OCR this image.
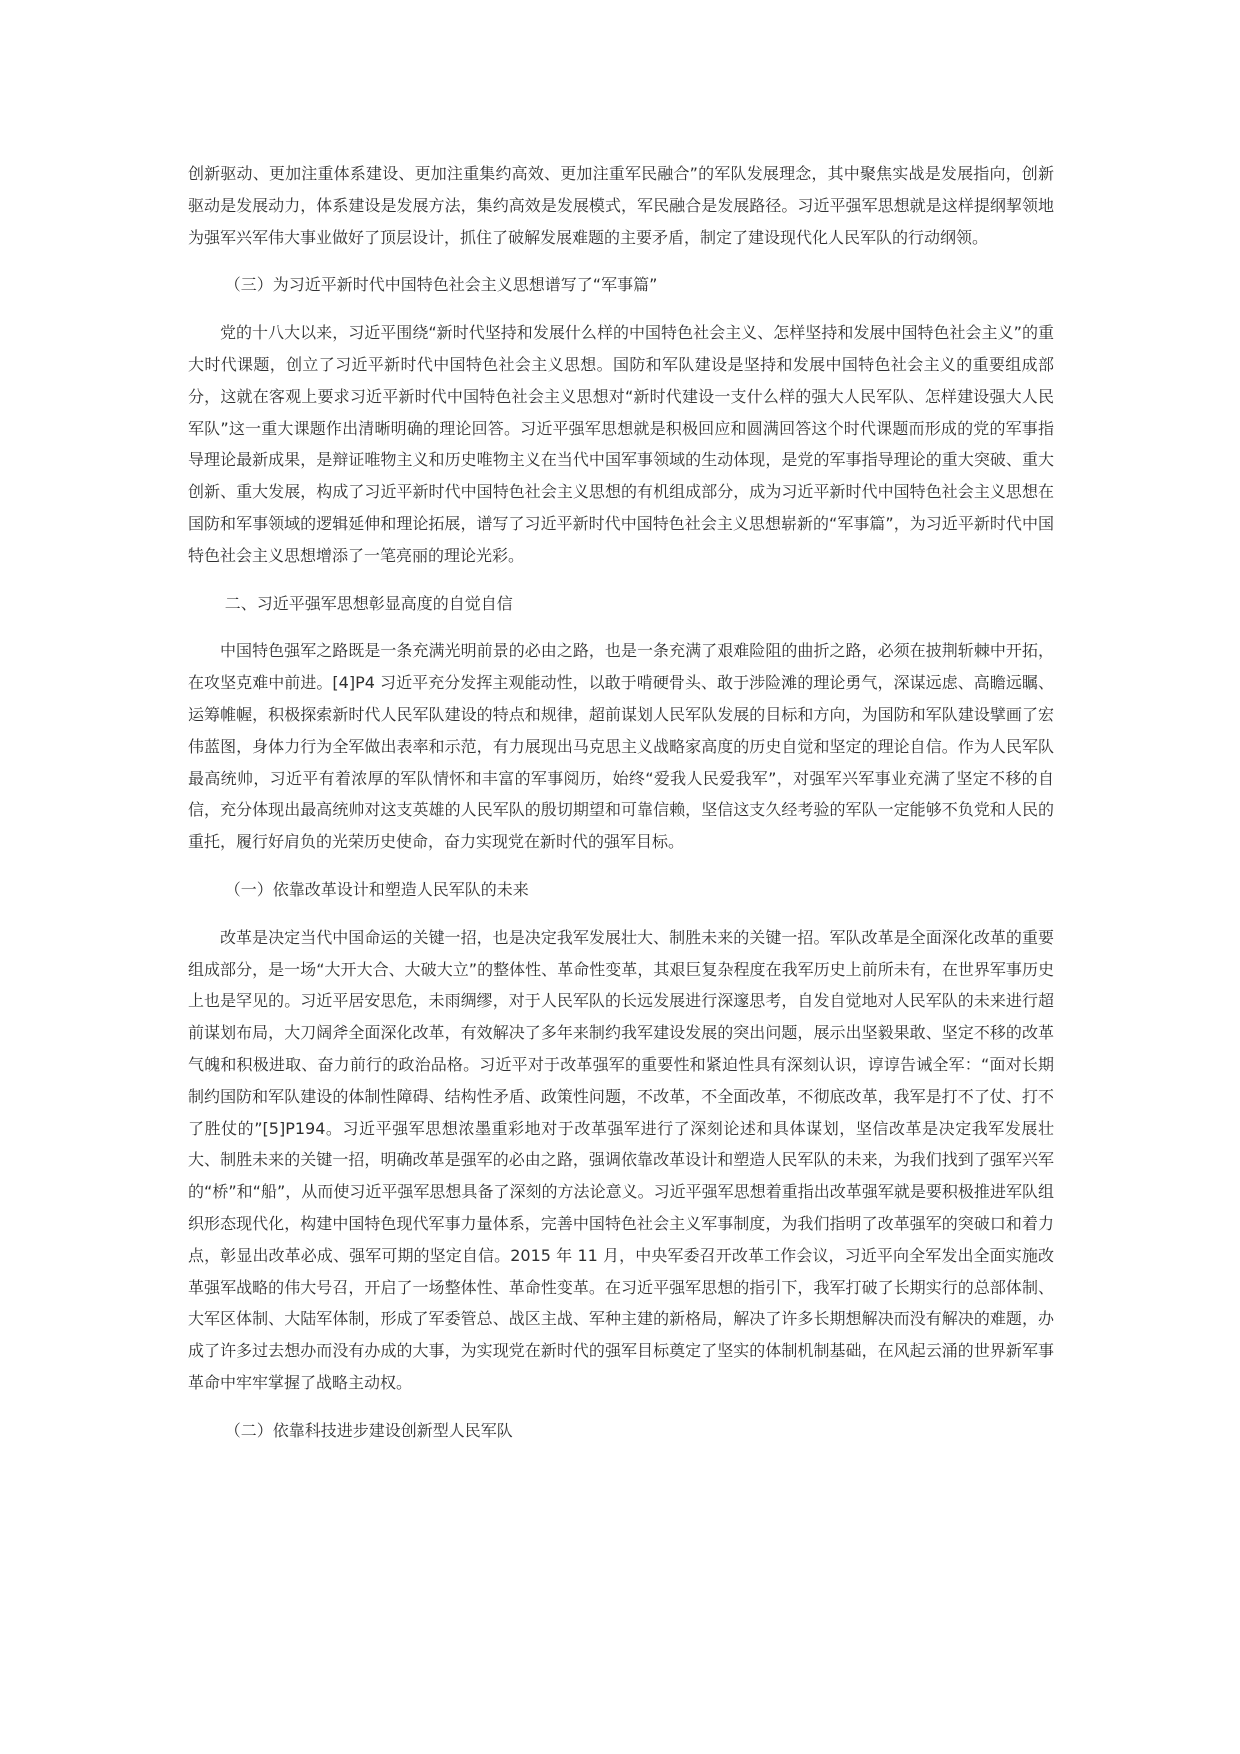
创新驱动、更加注重体系建设、更加注重集约高效、更加注重军民融合”的军队发展理念，其中聚焦实战是发展指向，创新驱动是发展动力，体系建设是发展方法，集约高效是发展模式，军民融合是发展路径。习近平强军思想就是这样提纲挈领地为强军兴军伟大事业做好了顶层设计，抓住了破解发展难题的主要矛盾，制定了建设现代化人民军队的行动纲领。

（三）为习近平新时代中国特色社会主义思想谱写了“军事篇”

党的十八大以来，习近平围绕“新时代坚持和发展什么样的中国特色社会主义、怎样坚持和发展中国特色社会主义”的重大时代课题，创立了习近平新时代中国特色社会主义思想。国防和军队建设是坚持和发展中国特色社会主义的重要组成部分，这就在客观上要求习近平新时代中国特色社会主义思想对“新时代建设一支什么样的强大人民军队、怎样建设强大人民军队”这一重大课题作出清晰明确的理论回答。习近平强军思想就是积极回应和圆满回答这个时代课题而形成的党的军事指导理论最新成果，是辩证唯物主义和历史唯物主义在当代中国军事领域的生动体现，是党的军事指导理论的重大突破、重大创新、重大发展，构成了习近平新时代中国特色社会主义思想的有机组成部分，成为习近平新时代中国特色社会主义思想在国防和军事领域的逻辑延伸和理论拓展，谱写了习近平新时代中国特色社会主义思想崭新的“军事篇”，为习近平新时代中国特色社会主义思想增添了一笔亮丽的理论光彩。

二、习近平强军思想彰显高度的自觉自信

中国特色强军之路既是一条充满光明前景的必由之路，也是一条充满了艰难险阻的曲折之路，必须在披荆斩棘中开拓，在攻坚克难中前进。[4]P4 习近平充分发挥主观能动性，以敢于啃硬骨头、敢于涉险滩的理论勇气，深谋远虑、高瞻远瞩、运筹帷幄，积极探索新时代人民军队建设的特点和规律，超前谋划人民军队发展的目标和方向，为国防和军队建设擘画了宏伟蓝图，身体力行为全军做出表率和示范，有力展现出马克思主义战略家高度的历史自觉和坚定的理论自信。作为人民军队最高统帅，习近平有着浓厚的军队情怀和丰富的军事阅历，始终“爱我人民爱我军”，对强军兴军事业充满了坚定不移的自信，充分体现出最高统帅对这支英雄的人民军队的殷切期望和可靠信赖，坚信这支久经考验的军队一定能够不负党和人民的重托，履行好肩负的光荣历史使命，奋力实现党在新时代的强军目标。

（一）依靠改革设计和塑造人民军队的未来

改革是决定当代中国命运的关键一招，也是决定我军发展壮大、制胜未来的关键一招。军队改革是全面深化改革的重要组成部分，是一场“大开大合、大破大立”的整体性、革命性变革，其艰巨复杂程度在我军历史上前所未有，在世界军事历史上也是罕见的。习近平居安思危，未雨绸缪，对于人民军队的长远发展进行深邃思考，自发自觉地对人民军队的未来进行超前谋划布局，大刀阔斧全面深化改革，有效解决了多年来制约我军建设发展的突出问题，展示出坚毅果敢、坚定不移的改革气魄和积极进取、奋力前行的政治品格。习近平对于改革强军的重要性和紧迫性具有深刻认识，谆谆告诫全军：“面对长期制约国防和军队建设的体制性障碍、结构性矛盾、政策性问题，不改革，不全面改革，不彻底改革，我军是打不了仗、打不了胜仗的”[5]P194。习近平强军思想浓墨重彩地对于改革强军进行了深刻论述和具体谋划，坚信改革是决定我军发展壮大、制胜未来的关键一招，明确改革是强军的必由之路，强调依靠改革设计和塑造人民军队的未来，为我们找到了强军兴军的“桥”和“船”，从而使习近平强军思想具备了深刻的方法论意义。习近平强军思想着重指出改革强军就是要积极推进军队组织形态现代化，构建中国特色现代军事力量体系，完善中国特色社会主义军事制度，为我们指明了改革强军的突破口和着力点，彰显出改革必成、强军可期的坚定自信。2015 年 11 月，中央军委召开改革工作会议，习近平向全军发出全面实施改革强军战略的伟大号召，开启了一场整体性、革命性变革。在习近平强军思想的指引下，我军打破了长期实行的总部体制、大军区体制、大陆军体制，形成了军委管总、战区主战、军种主建的新格局，解决了许多长期想解决而没有解决的难题，办成了许多过去想办而没有办成的大事，为实现党在新时代的强军目标奠定了坚实的体制机制基础，在风起云涌的世界新军事革命中牢牢掌握了战略主动权。

（二）依靠科技进步建设创新型人民军队
